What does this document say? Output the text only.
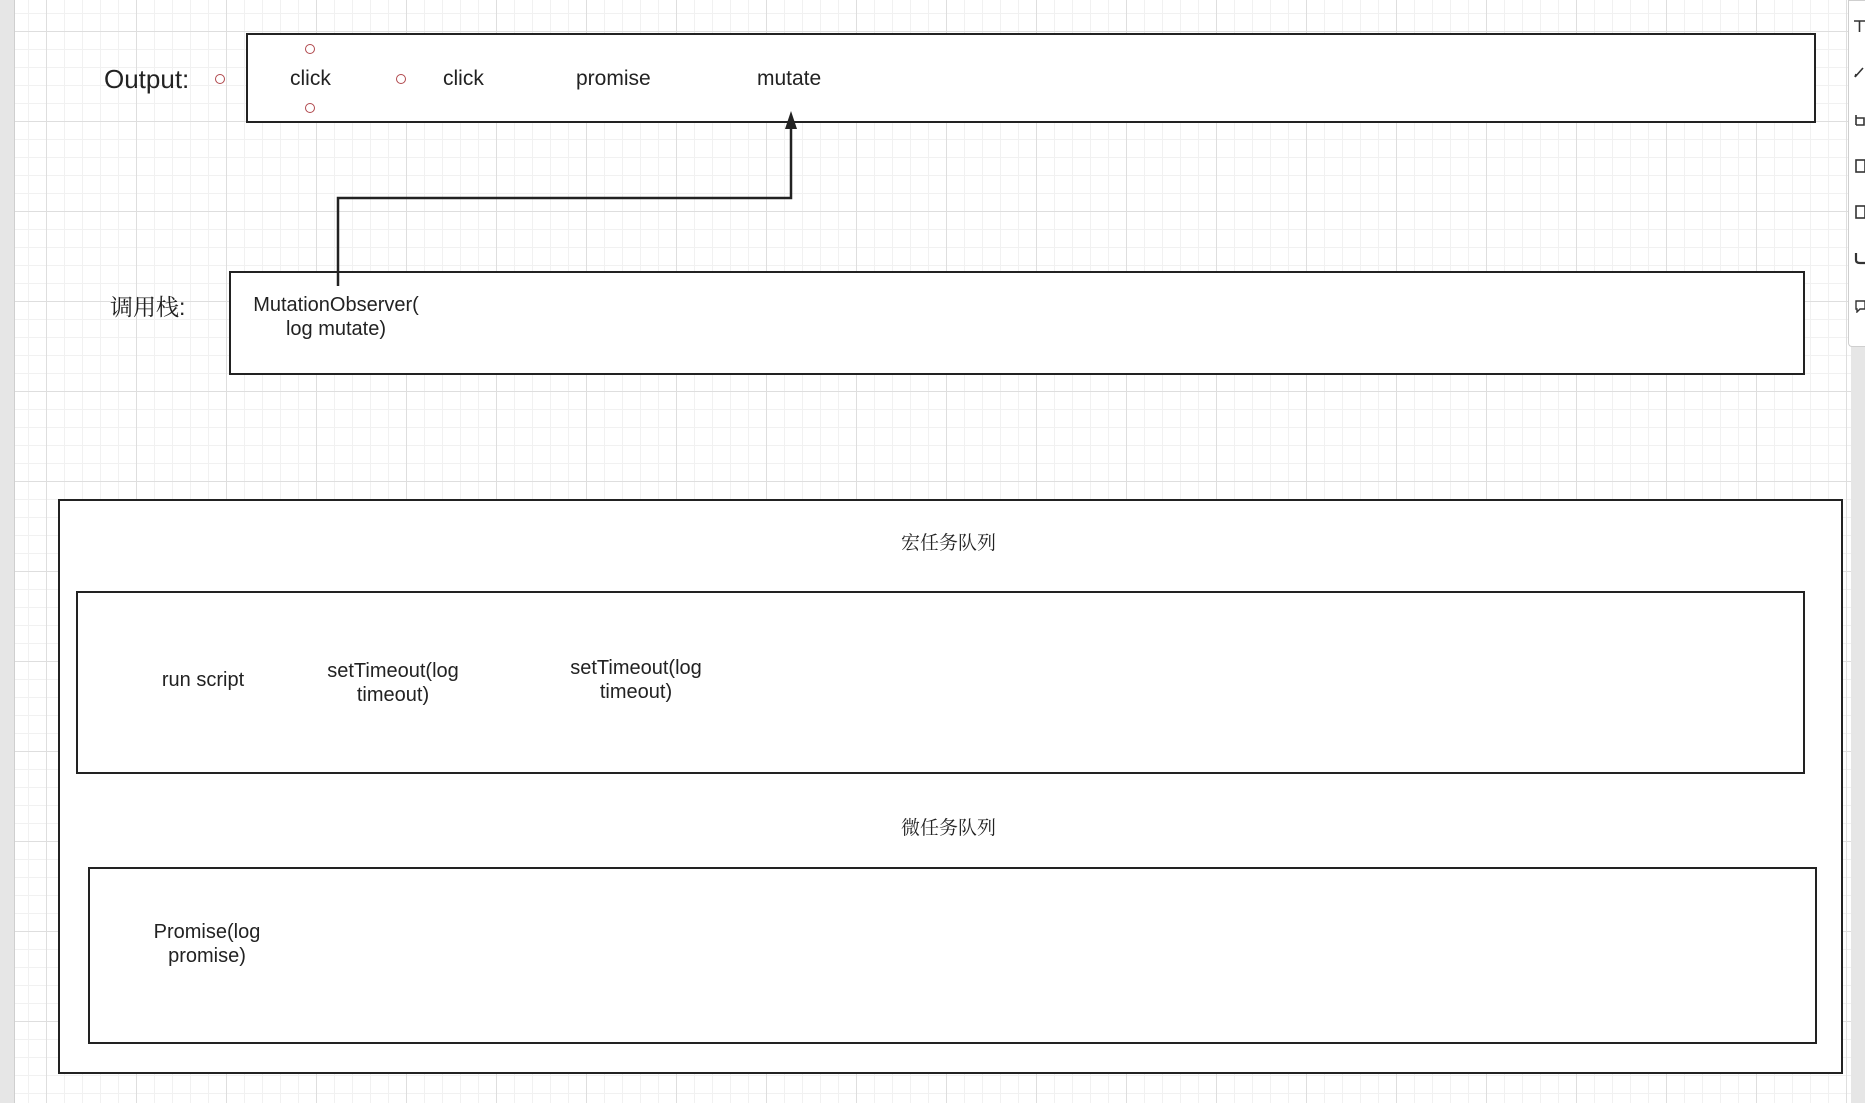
Output:	click	click	promise	mutate
调用栈:	MutationObserver(
log mutate)
宏任务队列
run script	setTimeout(log
timeout)
setTimeout(log
timeout)
微任务队列
Promise(log
promise)
